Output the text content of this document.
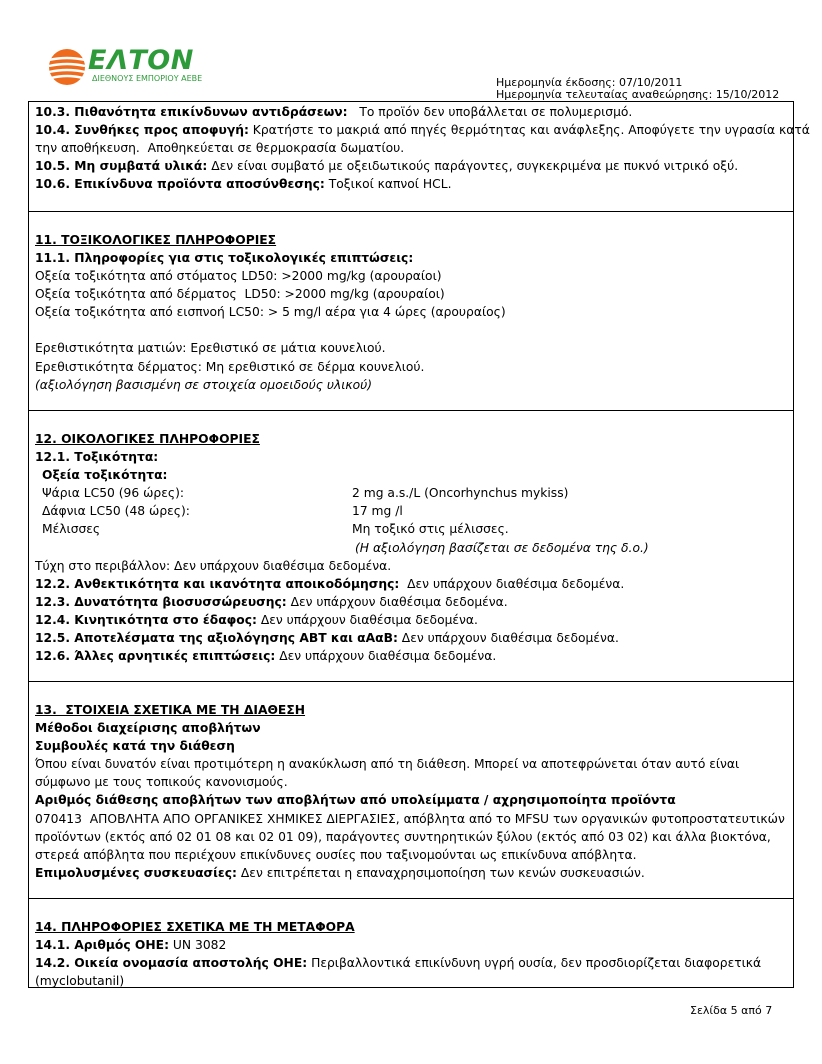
EΛTON
ΔΙΕΘΝΟΥΣ ΕΜΠΟΡΙΟΥ ΑΕΒΕ	Ημερομηνία έκδοσης: 07/10/2011
Ημερομηνία τελευταίας αναθεώρησης: 15/10/2012

10.3. Πιθανότητα επικίνδυνων αντιδράσεων:   Το προϊόν δεν υποβάλλεται σε πολυμερισμό.

10.4. Συνθήκες προς αποφυγή: Κρατήστε το μακριά από πηγές θερμότητας και ανάφλεξης. Αποφύγετε την υγρασία κατά

την αποθήκευση.  Αποθηκεύεται σε θερμοκρασία δωματίου.

10.5. Μη συμβατά υλικά: Δεν είναι συμβατό με οξειδωτικούς παράγοντες, συγκεκριμένα με πυκνό νιτρικό οξύ.

10.6. Επικίνδυνα προϊόντα αποσύνθεσης: Τοξικοί καπνοί HCL.

11. ΤΟΞΙΚΟΛΟΓΙΚΕΣ ΠΛΗΡΟΦΟΡΙΕΣ

11.1. Πληροφορίες για στις τοξικολογικές επιπτώσεις:

Οξεία τοξικότητα από στόματος LD50: >2000 mg/kg (αρουραίοι)

Οξεία τοξικότητα από δέρματος  LD50: >2000 mg/kg (αρουραίοι)

Οξεία τοξικότητα από εισπνοή LC50: > 5 mg/l αέρα για 4 ώρες (αρουραίος)

Ερεθιστικότητα ματιών: Ερεθιστικό σε μάτια κουνελιού.

Ερεθιστικότητα δέρματος: Μη ερεθιστικό σε δέρμα κουνελιού.

(αξιολόγηση βασισμένη σε στοιχεία ομοειδούς υλικού)

12. ΟΙΚΟΛΟΓΙΚΕΣ ΠΛΗΡΟΦΟΡΙΕΣ

12.1. Τοξικότητα:

Οξεία τοξικότητα:

Ψάρια LC50 (96 ώρες):	2 mg a.s./L (Oncorhynchus mykiss)
Δάφνια LC50 (48 ώρες):	17 mg /l
Μέλισσες	Μη τοξικό στις μέλισσες.
(Η αξιολόγηση βασίζεται σε δεδομένα της δ.ο.)

Τύχη στο περιβάλλον: Δεν υπάρχουν διαθέσιμα δεδομένα.

12.2. Ανθεκτικότητα και ικανότητα αποικοδόμησης:  Δεν υπάρχουν διαθέσιμα δεδομένα.

12.3. Δυνατότητα βιοσυσσώρευσης: Δεν υπάρχουν διαθέσιμα δεδομένα.

12.4. Κινητικότητα στο έδαφος: Δεν υπάρχουν διαθέσιμα δεδομένα.

12.5. Αποτελέσματα της αξιολόγησης ΑΒΤ και αΑαΒ: Δεν υπάρχουν διαθέσιμα δεδομένα.

12.6. Άλλες αρνητικές επιπτώσεις: Δεν υπάρχουν διαθέσιμα δεδομένα.

13.  ΣΤΟΙΧΕΙΑ ΣΧΕΤΙΚΑ ΜΕ ΤΗ ΔΙΑΘΕΣΗ

Μέθοδοι διαχείρισης αποβλήτων

Συμβουλές κατά την διάθεση

Όπου είναι δυνατόν είναι προτιμότερη η ανακύκλωση από τη διάθεση. Μπορεί να αποτεφρώνεται όταν αυτό είναι σύμφωνο με τους τοπικούς κανονισμούς.

Αριθμός διάθεσης αποβλήτων των αποβλήτων από υπολείμματα / αχρησιμοποίητα προϊόντα

070413  ΑΠΟΒΛΗΤΑ ΑΠΟ ΟΡΓΑΝΙΚΕΣ ΧΗΜΙΚΕΣ ΔΙΕΡΓΑΣΙΕΣ, απόβλητα από το MFSU των οργανικών φυτοπροστατευτικών προϊόντων (εκτός από 02 01 08 και 02 01 09), παράγοντες συντηρητικών ξύλου (εκτός από 03 02) και άλλα βιοκτόνα, στερεά απόβλητα που περιέχουν επικίνδυνες ουσίες που ταξινομούνται ως επικίνδυνα απόβλητα.

Επιμολυσμένες συσκευασίες: Δεν επιτρέπεται η επαναχρησιμοποίηση των κενών συσκευασιών.

14. ΠΛΗΡΟΦΟΡΙΕΣ ΣΧΕΤΙΚΑ ΜΕ ΤΗ ΜΕΤΑΦΟΡΑ

14.1. Αριθμός ΟΗΕ: UN 3082

14.2. Οικεία ονομασία αποστολής ΟΗΕ: Περιβαλλοντικά επικίνδυνη υγρή ουσία, δεν προσδιορίζεται διαφορετικά

(myclobutanil)

Σελίδα 5 από 7
